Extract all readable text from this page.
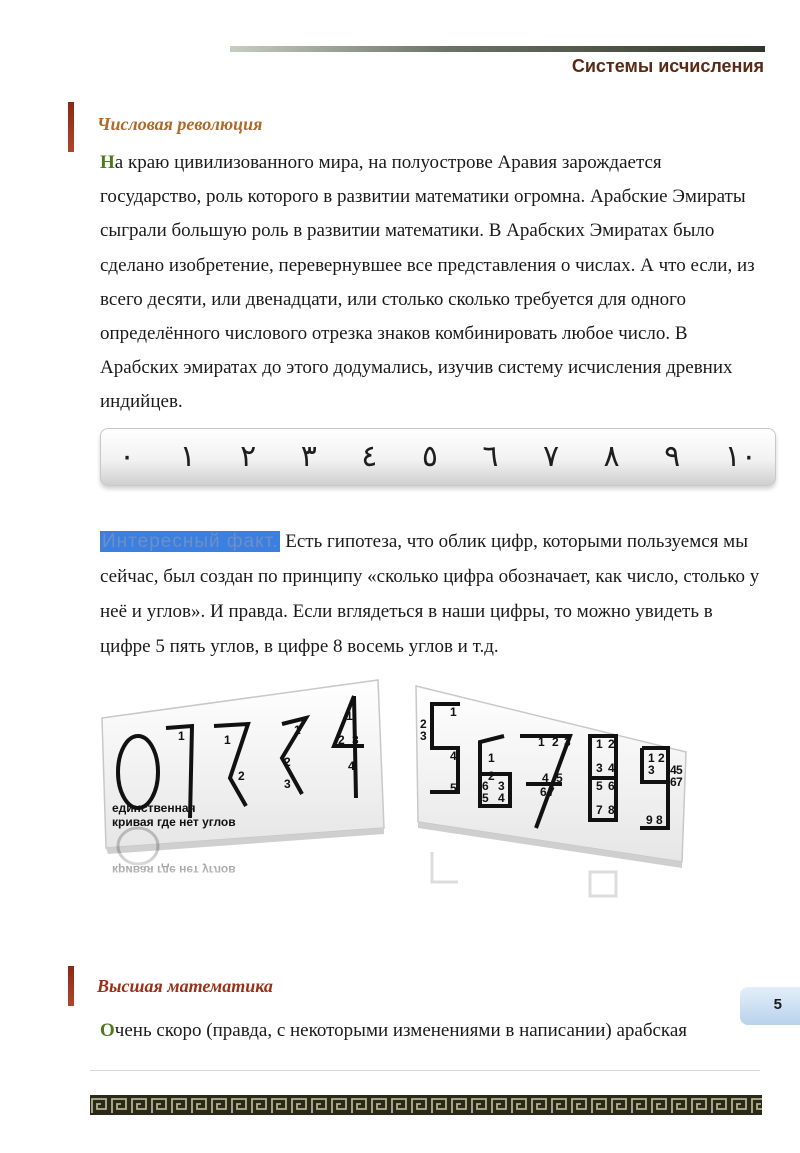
Системы исчисления
Числовая революция

На краю цивилизованного мира, на полуострове Аравия зарождается государство, роль которого в развитии математики огромна. Арабские Эмираты сыграли большую роль в развитии математики. В Арабских Эмиратах было сделано изобретение, перевернувшее все представления о числах. А что если, из всего десяти, или двенадцати, или столько сколько требуется для одного определённого числового отрезка знаков комбинировать любое число. В Арабских эмиратах до этого додумались, изучив систему исчисления древних индийцев.

٠ ١ ٢ ٣ ٤ ٥ ٦ ٧ ٨ ٩ ١٠

Интересный факт. Есть гипотеза, что облик цифр, которыми пользуемся мы сейчас, был создан по принципу «сколько цифра обозначает, как число, столько у неё и углов». И правда. Если вглядеться в наши цифры, то можно увидеть в цифре 5 пять углов, в цифре 8 восемь углов и т.д.

1	1
2
1
2
3
1
2 3
4
единственная
кривая где нет углов
1
2
3
4
5
1
2
6 3
5 4
1 2 3
4 5
6 7
1 2
3 4
5 6
7 8
1
3
2
4 5
6 7
9 8
Высшая математика

Очень скоро (правда, с некоторыми изменениями в написании) арабская

5
